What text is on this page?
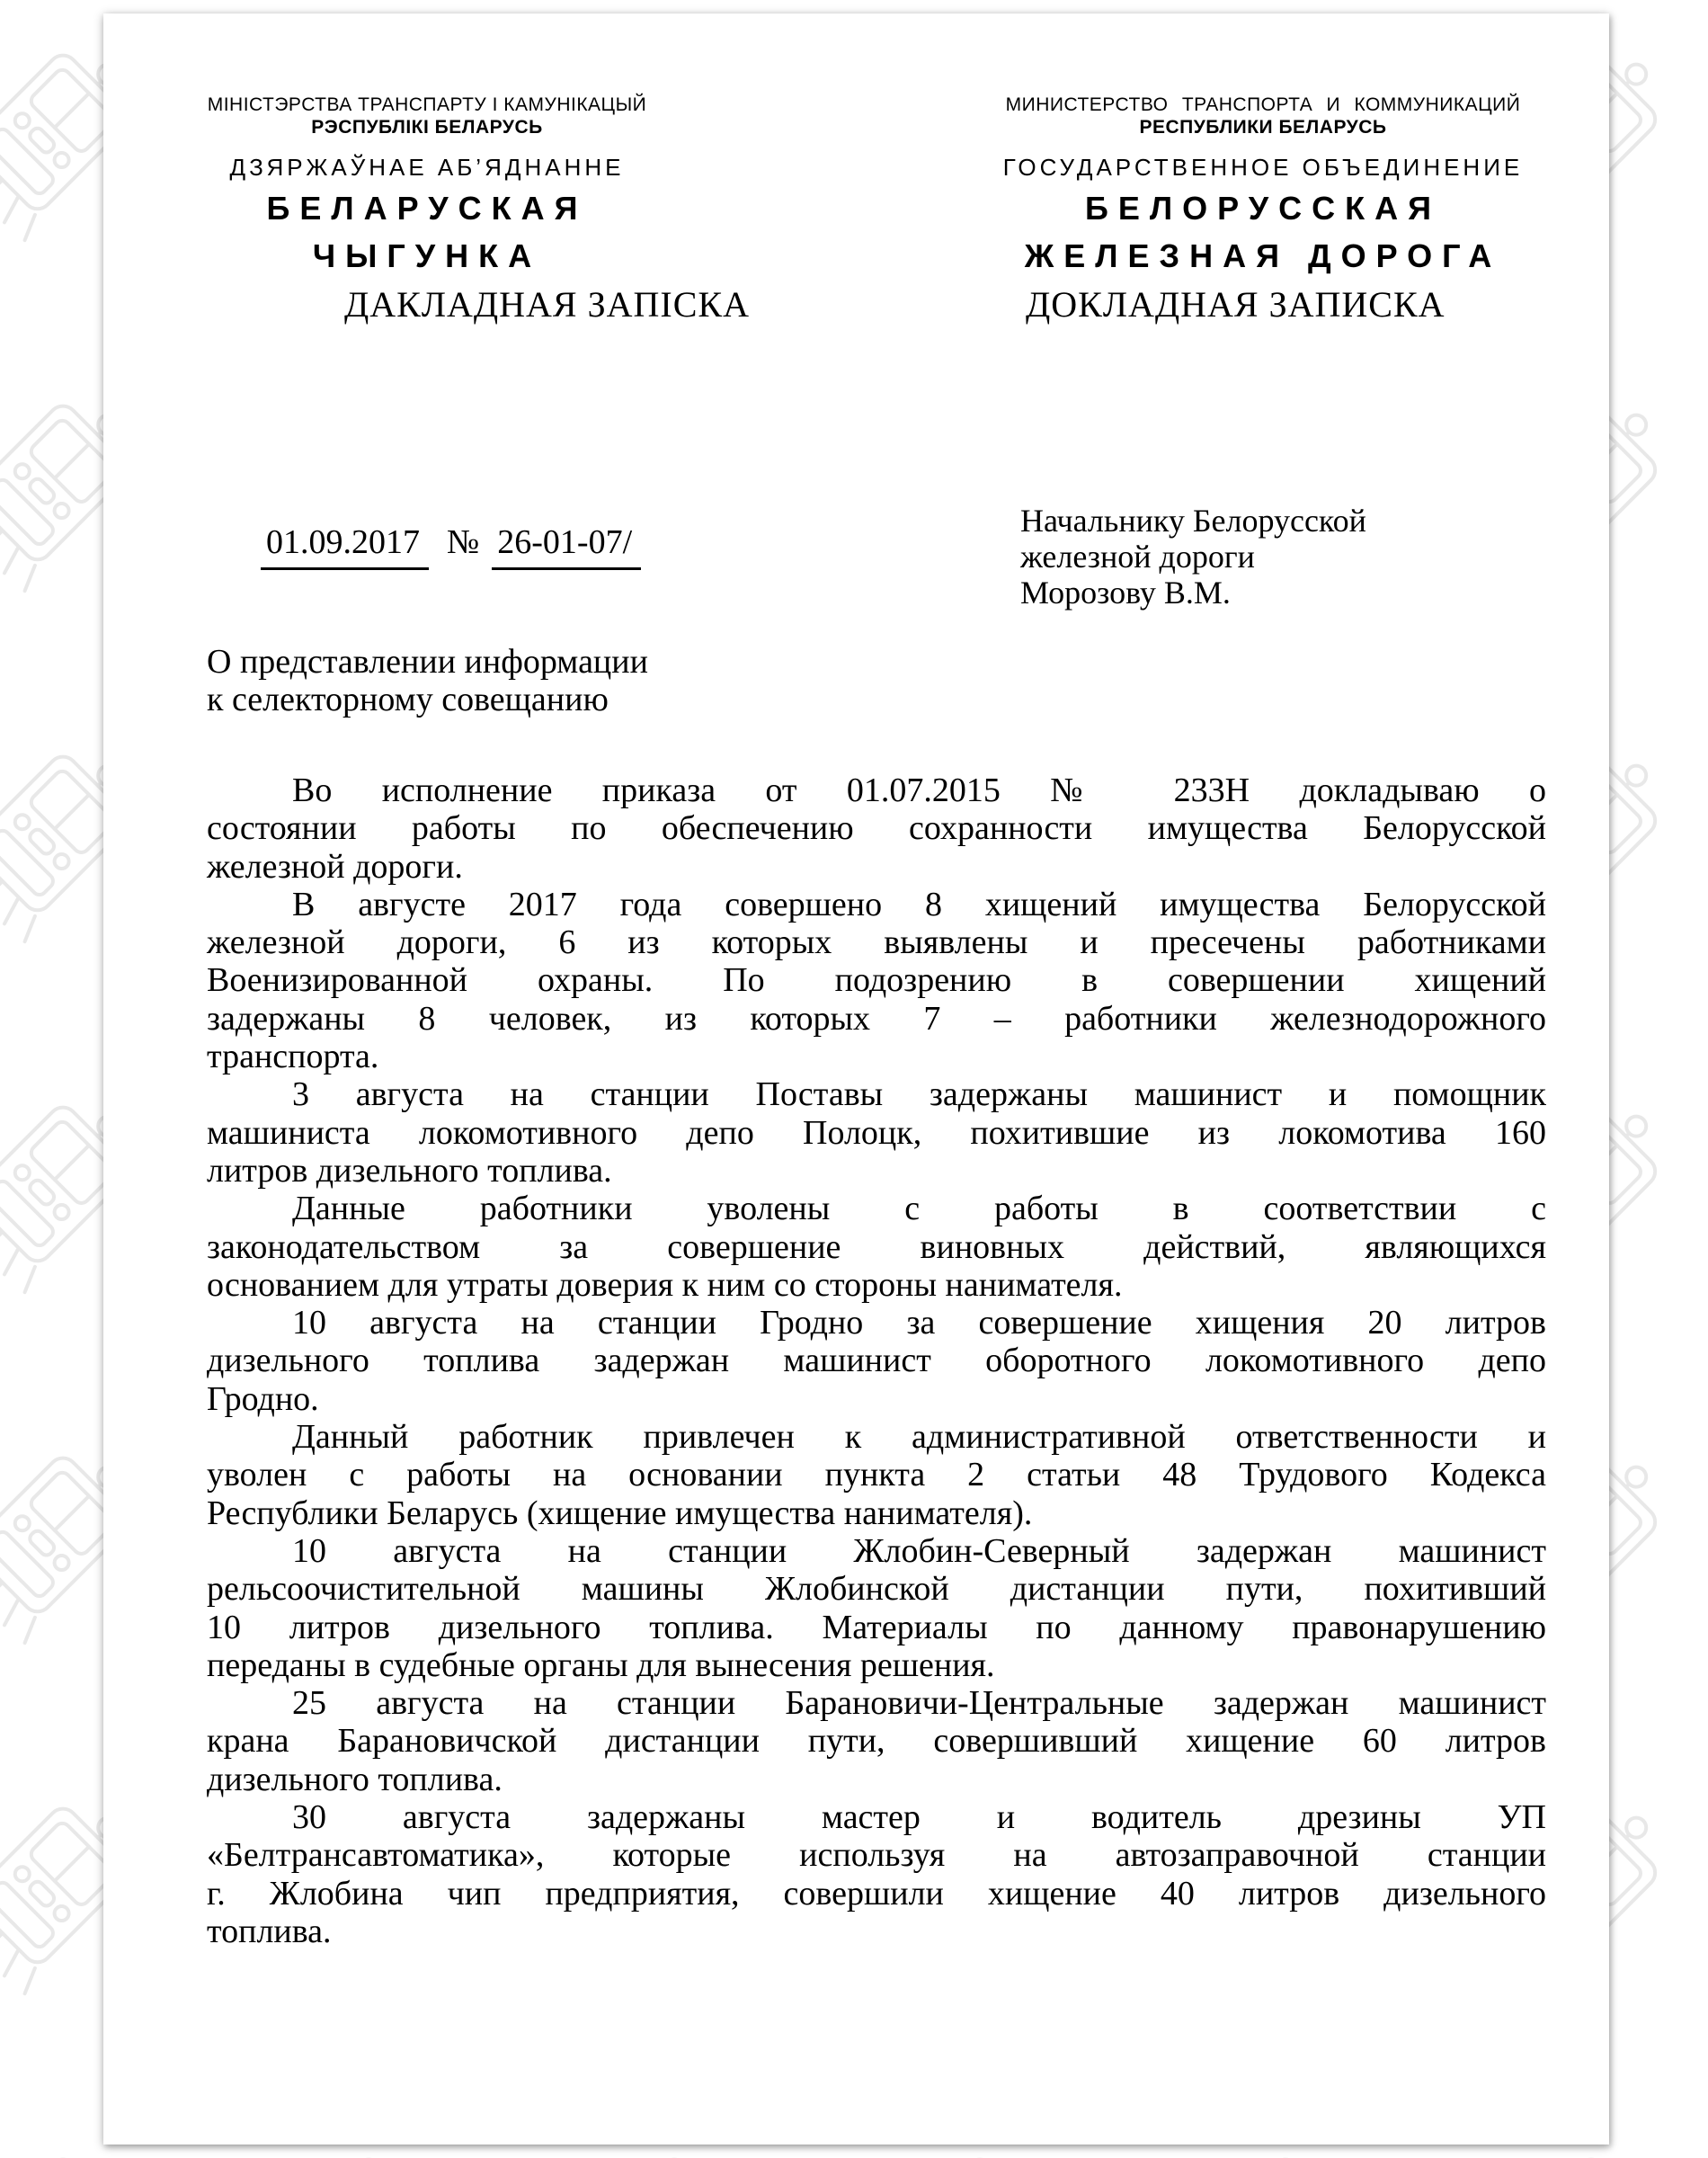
МІНІСТЭРСТВА ТРАНСПАРТУ І КАМУНІКАЦЫЙ
РЭСПУБЛІКІ БЕЛАРУСЬ
ДЗЯРЖАЎНАЕ АБ’ЯДНАННЕ
БЕЛАРУСКАЯ
ЧЫГУНКА
МИНИСТЕРСТВО ТРАНСПОРТА И КОММУНИКАЦИЙ
РЕСПУБЛИКИ БЕЛАРУСЬ
ГОСУДАРСТВЕННОЕ ОБЪЕДИНЕНИЕ
БЕЛОРУССКАЯ
ЖЕЛЕЗНАЯ ДОРОГА
ДАКЛАДНАЯ ЗАПІСКА	ДОКЛАДНАЯ ЗАПИСКА
01.09.2017 № 26-01-07/
Начальнику Белорусской
железной дороги
Морозову В.М.
О представлении информации
к селекторному совещанию
Во исполнение приказа от 01.07.2015 № 233Н докладываю о
состоянии работы по обеспечению сохранности имущества Белорусской
железной дороги.
В августе 2017 года совершено 8 хищений имущества Белорусской
железной дороги, 6 из которых выявлены и пресечены работниками
Военизированной охраны. По подозрению в совершении хищений
задержаны 8 человек, из которых 7 – работники железнодорожного
транспорта.
3 августа на станции Поставы задержаны машинист и помощник
машиниста локомотивного депо Полоцк, похитившие из локомотива 160
литров дизельного топлива.
Данные работники уволены с работы в соответствии с
законодательством за совершение виновных действий, являющихся
основанием для утраты доверия к ним со стороны нанимателя.
10 августа на станции Гродно за совершение хищения 20 литров
дизельного топлива задержан машинист оборотного локомотивного депо
Гродно.
Данный работник привлечен к административной ответственности и
уволен с работы на основании пункта 2 статьи 48 Трудового Кодекса
Республики Беларусь (хищение имущества нанимателя).
10 августа на станции Жлобин-Северный задержан машинист
рельсоочистительной машины Жлобинской дистанции пути, похитивший
10 литров дизельного топлива. Материалы по данному правонарушению
переданы в судебные органы для вынесения решения.
25 августа на станции Барановичи-Центральные задержан машинист
крана Барановичской дистанции пути, совершивший хищение 60 литров
дизельного топлива.
30 августа задержаны мастер и водитель дрезины УП
«Белтрансавтоматика», которые используя на автозаправочной станции
г. Жлобина чип предприятия, совершили хищение 40 литров дизельного
топлива.
